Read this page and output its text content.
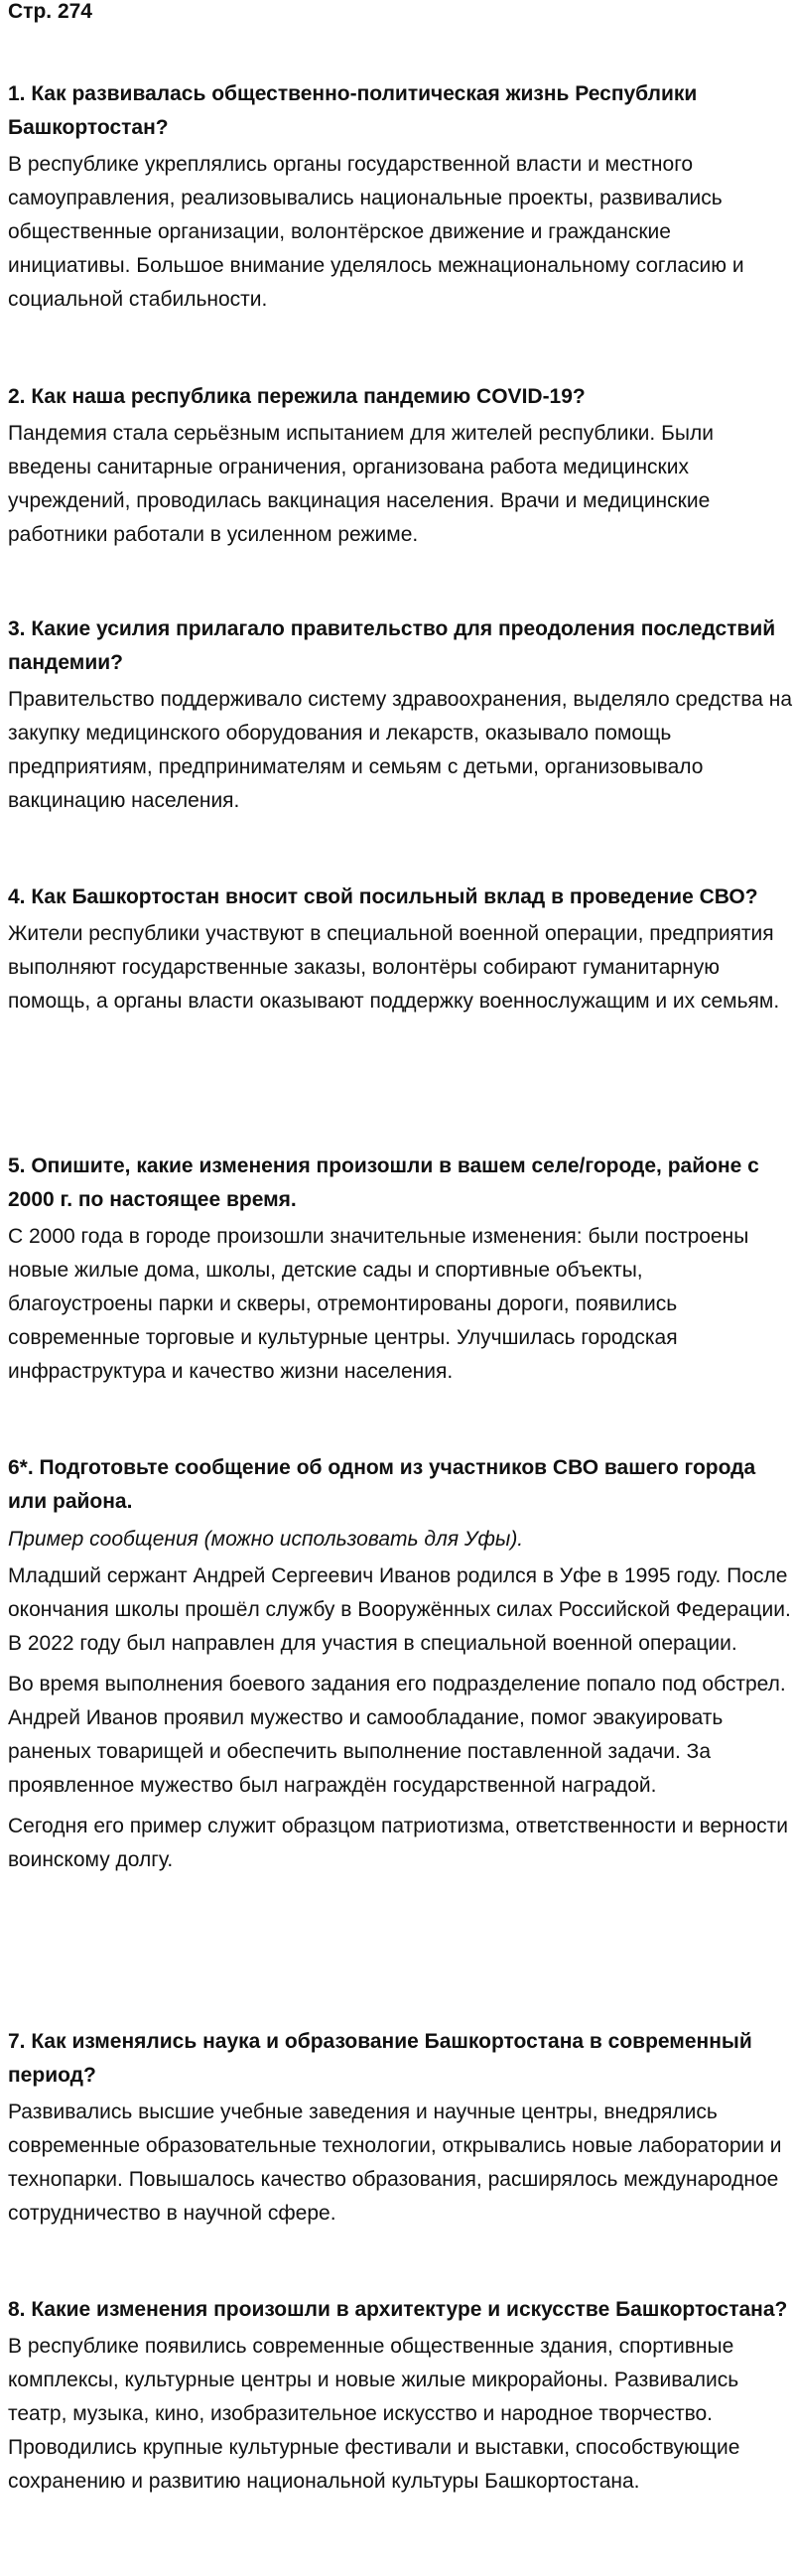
Стр. 274

1. Как развивалась общественно-политическая жизнь Республики Башкортостан?

В республике укреплялись органы государственной власти и местного самоуправления, реализовывались национальные проекты, развивались общественные организации, волонтёрское движение и гражданские инициативы. Большое внимание уделялось межнациональному согласию и социальной стабильности.

2. Как наша республика пережила пандемию COVID-19?

Пандемия стала серьёзным испытанием для жителей республики. Были введены санитарные ограничения, организована работа медицинских учреждений, проводилась вакцинация населения. Врачи и медицинские работники работали в усиленном режиме.

3. Какие усилия прилагало правительство для преодоления последствий пандемии?

Правительство поддерживало систему здравоохранения, выделяло средства на закупку медицинского оборудования и лекарств, оказывало помощь предприятиям, предпринимателям и семьям с детьми, организовывало вакцинацию населения.

4. Как Башкортостан вносит свой посильный вклад в проведение СВО?

Жители республики участвуют в специальной военной операции, предприятия выполняют государственные заказы, волонтёры собирают гуманитарную помощь, а органы власти оказывают поддержку военнослужащим и их семьям.

5. Опишите, какие изменения произошли в вашем селе/городе, районе с 2000 г. по настоящее время.

С 2000 года в городе произошли значительные изменения: были построены новые жилые дома, школы, детские сады и спортивные объекты, благоустроены парки и скверы, отремонтированы дороги, появились современные торговые и культурные центры. Улучшилась городская инфраструктура и качество жизни населения.

6*. Подготовьте сообщение об одном из участников СВО вашего города или района.

Пример сообщения (можно использовать для Уфы).

Младший сержант Андрей Сергеевич Иванов родился в Уфе в 1995 году. После окончания школы прошёл службу в Вооружённых силах Российской Федерации. В 2022 году был направлен для участия в специальной военной операции.

Во время выполнения боевого задания его подразделение попало под обстрел. Андрей Иванов проявил мужество и самообладание, помог эвакуировать раненых товарищей и обеспечить выполнение поставленной задачи. За проявленное мужество был награждён государственной наградой.

Сегодня его пример служит образцом патриотизма, ответственности и верности воинскому долгу.

7. Как изменялись наука и образование Башкортостана в современный период?

Развивались высшие учебные заведения и научные центры, внедрялись современные образовательные технологии, открывались новые лаборатории и технопарки. Повышалось качество образования, расширялось международное сотрудничество в научной сфере.

8. Какие изменения произошли в архитектуре и искусстве Башкортостана?

В республике появились современные общественные здания, спортивные комплексы, культурные центры и новые жилые микрорайоны. Развивались театр, музыка, кино, изобразительное искусство и народное творчество. Проводились крупные культурные фестивали и выставки, способствующие сохранению и развитию национальной культуры Башкортостана.
